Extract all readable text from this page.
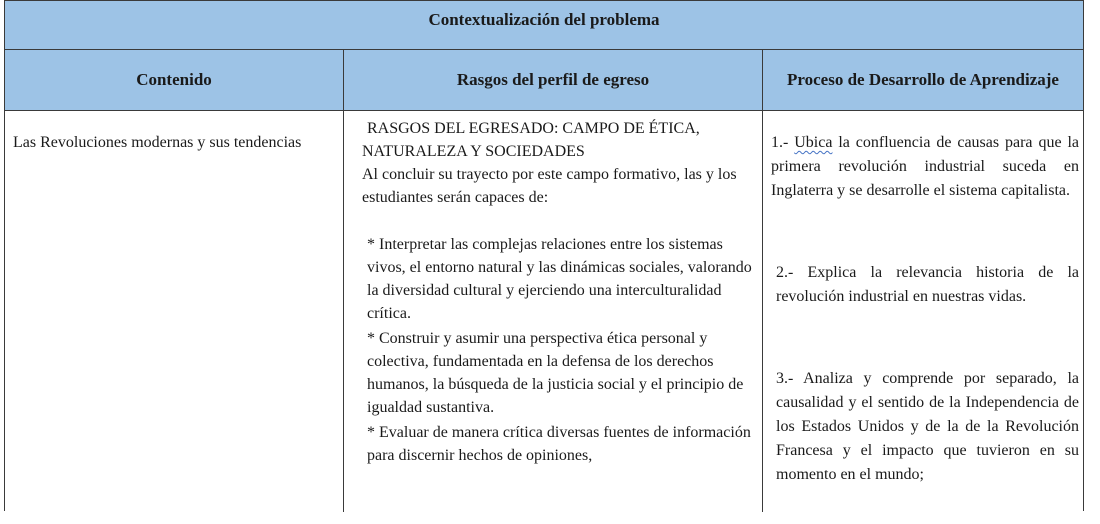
Contextualización del problema
Contenido	Rasgos del perfil de egreso	Proceso de Desarrollo de Aprendizaje
Las Revoluciones modernas y sus tendencias

RASGOS DEL EGRESADO: CAMPO DE ÉTICA,

NATURALEZA Y SOCIEDADES

Al concluir su trayecto por este campo formativo, las y los estudiantes serán capaces de:

* Interpretar las complejas relaciones entre los sistemas vivos, el entorno natural y las dinámicas sociales, valorando la diversidad cultural y ejerciendo una interculturalidad crítica.

* Construir y asumir una perspectiva ética personal y colectiva, fundamentada en la defensa de los derechos humanos, la búsqueda de la justicia social y el principio de igualdad sustantiva.

* Evaluar de manera crítica diversas fuentes de información para discernir hechos de opiniones,

1.- Ubica la confluencia de causas para que la primera revolución industrial suceda en Inglaterra y se desarrolle el sistema capitalista.

2.- Explica la relevancia historia de la revolución industrial en nuestras vidas.

3.- Analiza y comprende por separado, la causalidad y el sentido de la Independencia de los Estados Unidos y de la de la Revolución Francesa y el impacto que tuvieron en su momento en el mundo;
